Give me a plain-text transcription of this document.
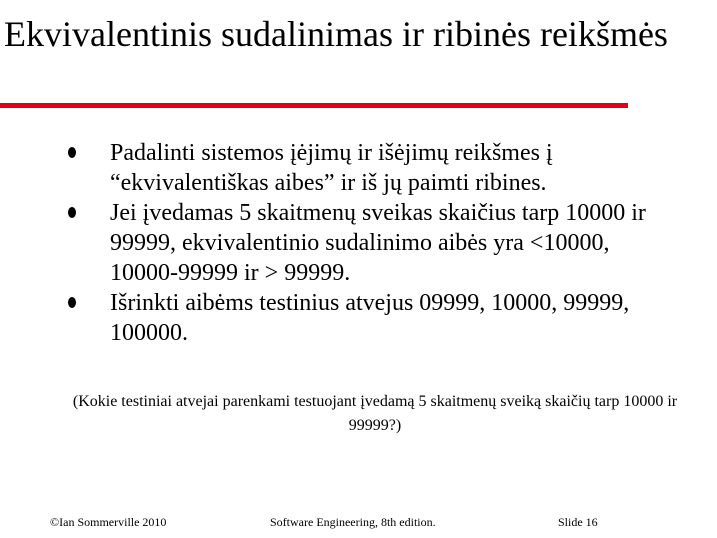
Ekvivalentinis sudalinimas ir ribinės reikšmės
Padalinti sistemos įėjimų ir išėjimų reikšmes į “ekvivalentiškas aibes” ir iš jų paimti ribines.
Jei įvedamas 5 skaitmenų sveikas skaičius tarp 10000 ir 99999, ekvivalentinio sudalinimo aibės yra <10000, 10000-99999 ir > 99999.
Išrinkti aibėms testinius atvejus 09999, 10000, 99999, 100000.

(Kokie testiniai atvejai parenkami testuojant įvedamą 5 skaitmenų sveiką skaičių tarp 10000 ir 99999?)

©Ian Sommerville 2010	Software Engineering, 8th edition.	Slide 16
